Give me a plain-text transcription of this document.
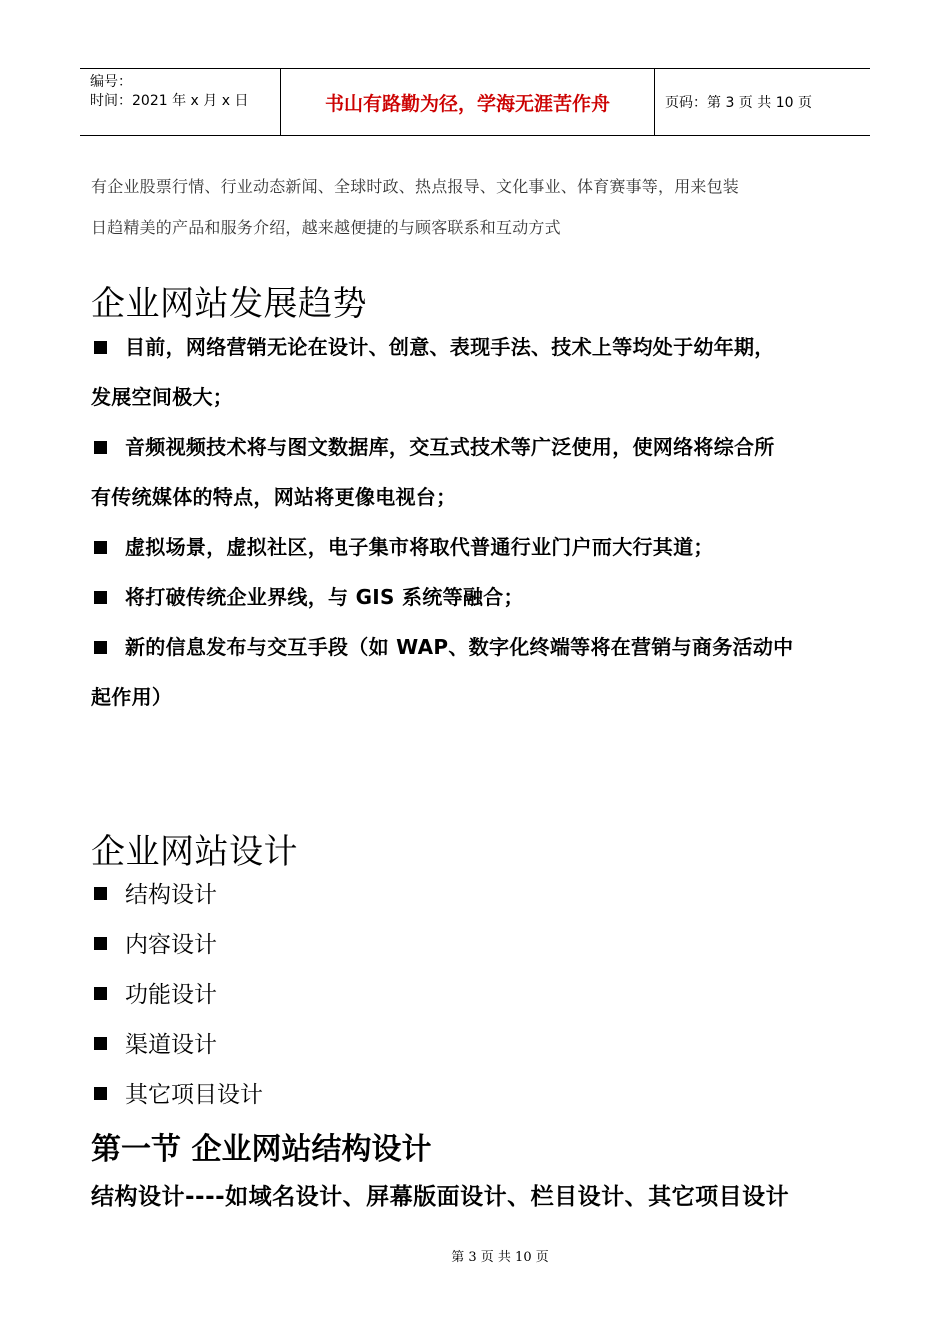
编号：
时间：2021 年 x 月 x 日	书山有路勤为径，学海无涯苦作舟	页码：第 3 页 共 10 页
有企业股票行情、行业动态新闻、全球时政、热点报导、文化事业、体育赛事等，用来包装
日趋精美的产品和服务介绍，越来越便捷的与顾客联系和互动方式
企业网站发展趋势
目前，网络营销无论在设计、创意、表现手法、技术上等均处于幼年期，
发展空间极大；
音频视频技术将与图文数据库，交互式技术等广泛使用，使网络将综合所
有传统媒体的特点，网站将更像电视台；
虚拟场景，虚拟社区，电子集市将取代普通行业门户而大行其道；
将打破传统企业界线，与 GIS 系统等融合；
新的信息发布与交互手段（如 WAP、数字化终端等将在营销与商务活动中
起作用）
企业网站设计
结构设计
内容设计
功能设计
渠道设计
其它项目设计
第一节 企业网站结构设计
结构设计----如域名设计、屏幕版面设计、栏目设计、其它项目设计
第 3 页 共 10 页
